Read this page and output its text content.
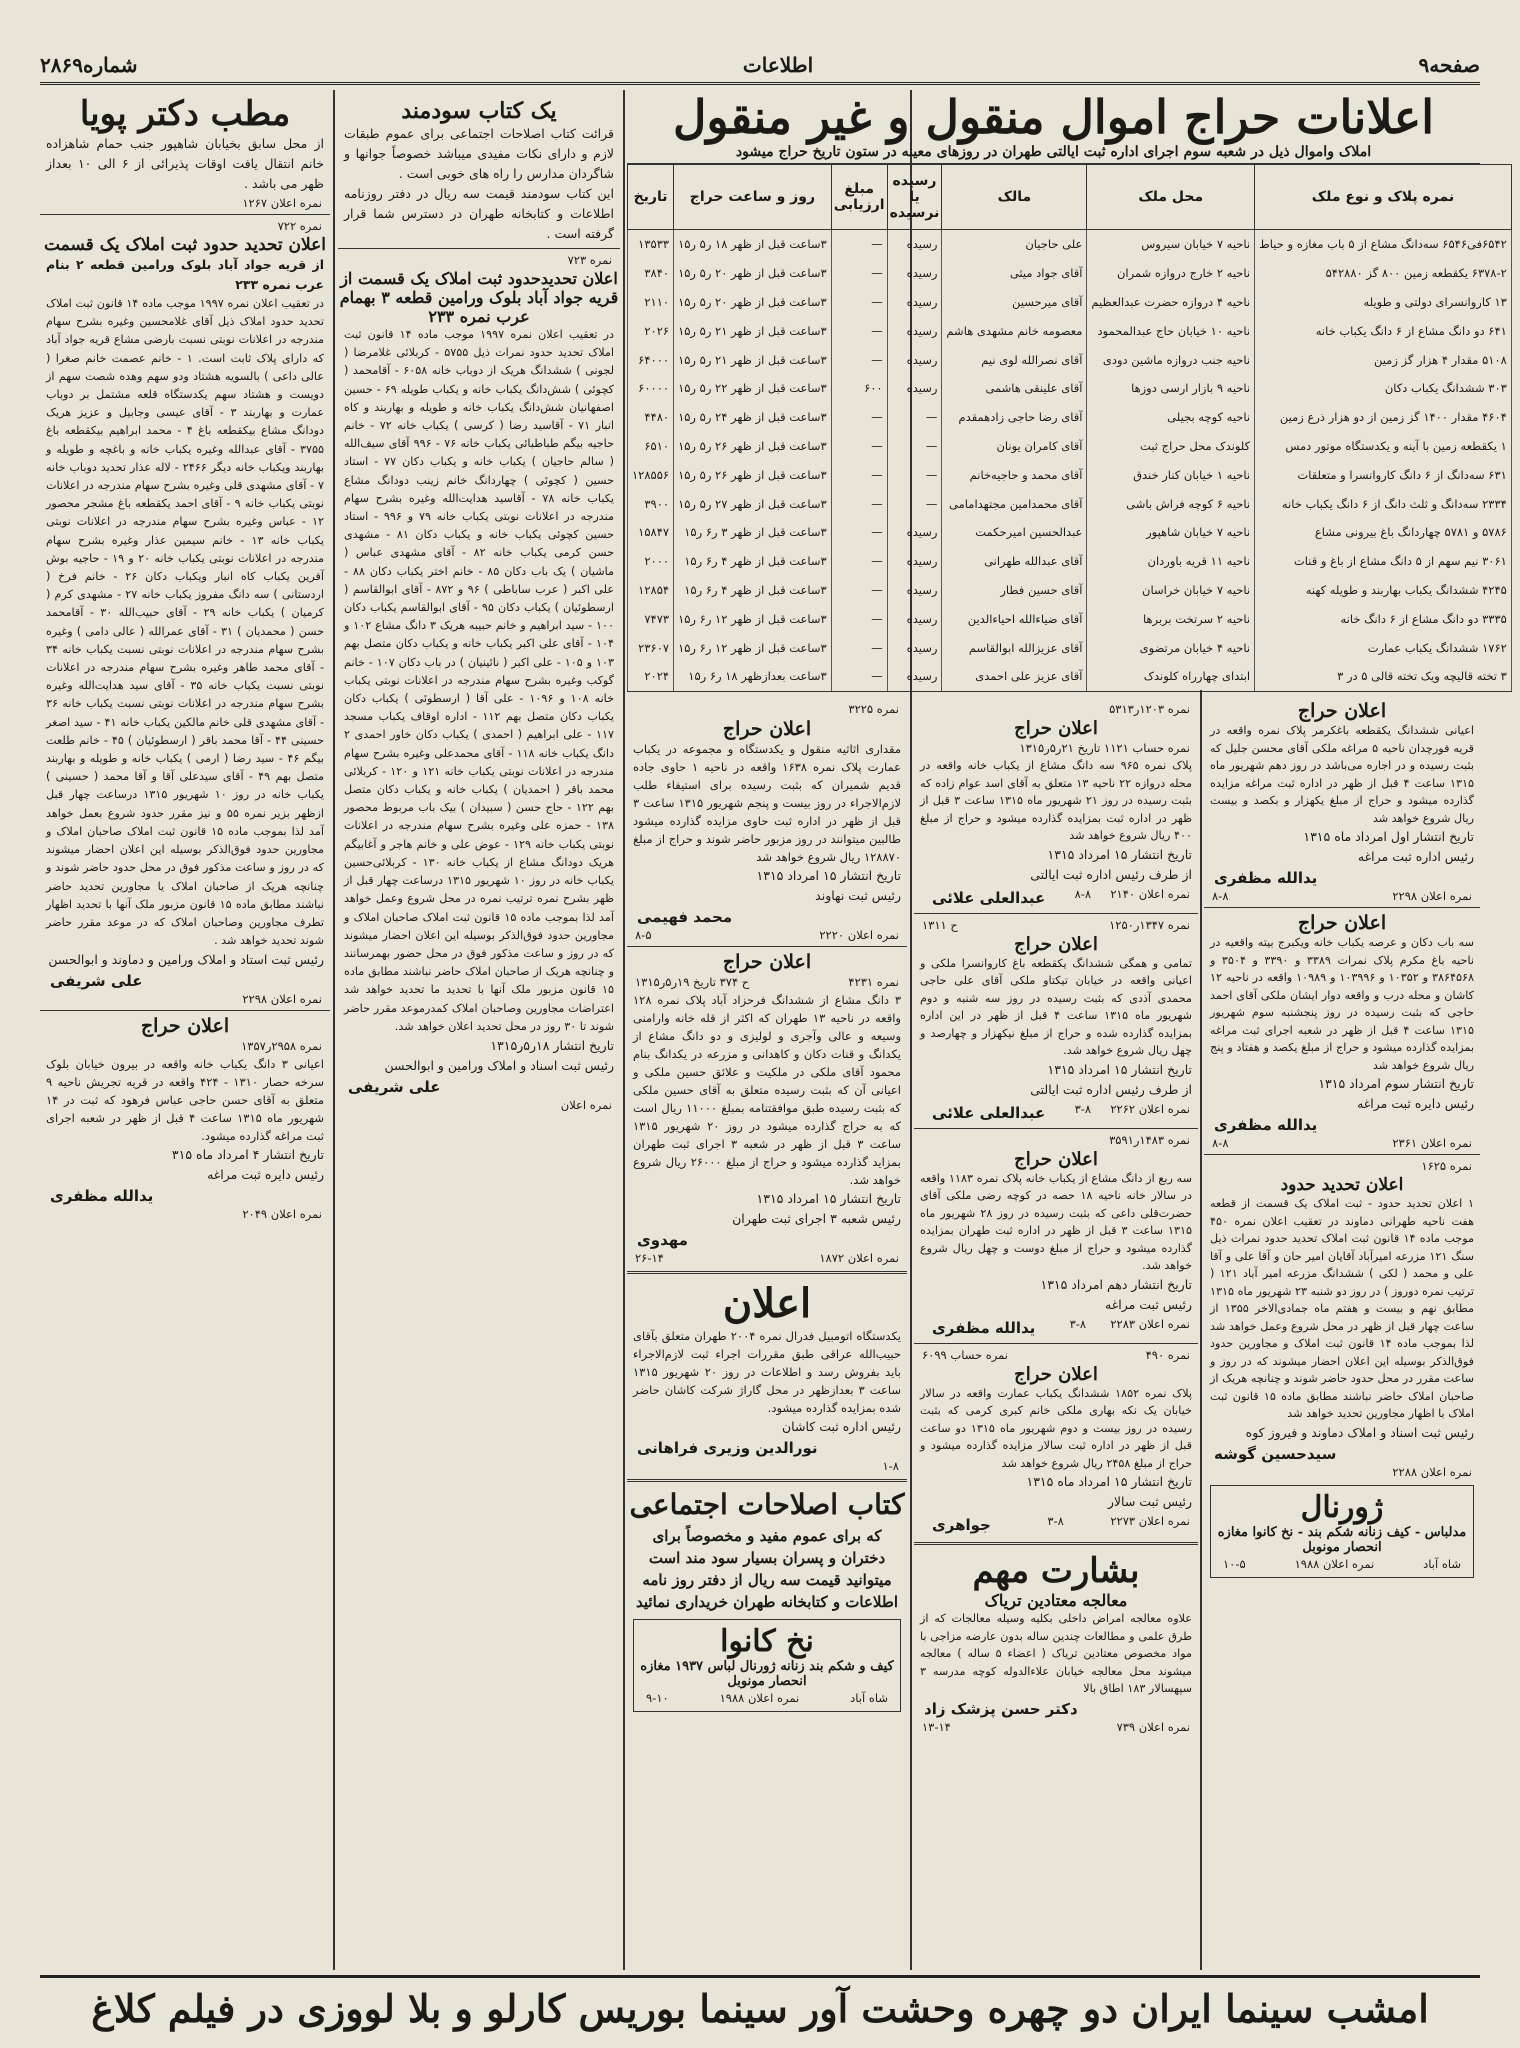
شماره۲۸۶۹	اطلاعات	صفحه۹
مطب دکتر پویا
از محل سابق بخیابان شاهپور جنب حمام شاهزاده خانم انتقال یافت اوقات پذیرائی از ۶ الی ۱۰ بعداز ظهر می باشد .
نمره اعلان ۱۲۶۷
نمره ۷۲۲
اعلان تحدید حدود ثبت املاک یک قسمت
از قریه جواد آباد بلوک ورامین قطعه ۲ بنام عرب نمره ۲۳۳
در تعقیب اعلان نمره ۱۹۹۷ موجب ماده ۱۴ قانون ثبت املاک تحدید حدود املاک ذیل آقای غلامحسین وغیره بشرح سهام مندرجه در اعلانات نوبتی نسبت بارضی مشاع قریه جواد آباد که دارای پلاک ثابت است. ۱ - خانم عصمت خانم صغرا ( عالی داعی ) بالسویه هشتاد ودو سهم وهده شصت سهم از دویست و هشتاد سهم یکدستگاه قلعه مشتمل بر دوباب عمارت و بهاربند ۳ - آقای عیسی وجابیل و عزیز هریک دودانگ مشاع بیکقطعه باغ ۴ - محمد ابراهیم بیکقطعه باغ ۳۷۵۵ - آقای عبدالله وغیره یکباب خانه و باغچه و طویله و بهاربند ویکباب خانه دیگر ۲۴۶۶ - لاله عذار تحدید دوباب خانه ۷ - آقای مشهدی قلی وغیره بشرح سهام مندرجه در اعلانات نوبتی یکباب خانه ۹ - آقای احمد یکقطعه باغ مشجر محصور ۱۲ - عباس وغیره بشرح سهام مندرجه در اعلانات نوبتی یکباب خانه ۱۳ - خانم سیمین عذار وغیره بشرح سهام مندرجه در اعلانات نوبتی یکباب خانه ۲۰ و ۱۹ - حاجیه بوش آفرین یکباب کاه انبار ویکباب دکان ۲۶ - خانم فرخ ( اردستانی ) سه دانگ مفروز یکباب خانه ۲۷ - مشهدی کرم ( کرمیان ) یکباب خانه ۲۹ - آقای حبیب‌الله ۳۰ - آقامحمد حسن ( محمدیان ) ۳۱ - آقای عمرالله ( عالی دامی ) وغیره بشرح سهام مندرجه در اعلانات نوبتی نسبت یکباب خانه ۳۴ - آقای محمد طاهر وغیره بشرح سهام مندرجه در اعلانات نوبتی نسبت یکباب خانه ۳۵ - آقای سید هدایت‌الله وغیره بشرح سهام مندرجه در اعلانات نوبتی نسبت یکباب خانه ۳۶ - آقای مشهدی قلی خانم مالکین یکباب خانه ۴۱ - سید اصغر حسینی ۴۴ - آقا محمد باقر ( ارسطوئیان ) ۴۵ - خانم طلعت بیگم ۴۶ - سید رضا ( ارمی ) یکباب خانه و طویله و بهاربند متصل بهم ۴۹ - آقای سیدعلی آقا و آقا محمد ( حسینی ) یکباب خانه در روز ۱۰ شهریور ۱۳۱۵ درساعت چهار قبل ازظهر بزیر نمره ۵۵ و نیز مقرر حدود شروع بعمل خواهد آمد لذا بموجب ماده ۱۵ قانون ثبت املاک صاحبان املاک و مجاورین حدود فوق‌الذکر بوسیله این اعلان احضار میشوند که در روز و ساعت مذکور فوق در محل حدود حاضر شوند و چنانچه هریک از صاحبان املاک یا مجاورین تحدید حاضر نباشند مطابق ماده ۱۵ قانون مزبور ملک آنها با تحدید اظهار تطرف مجاورین وصاحبان املاک که در موعد مقرر حاضر شوند تحدید خواهد شد .
رئیس ثبت استاد و املاک ورامین و دماوند و ابوالحسن
علی شریفی
نمره اعلان ۲۲۹۸
اعلان حراج
نمره ۲۹۵۸ر۱۳۵۷
اعیانی ۳ دانگ یکباب خانه واقعه در بیرون خیابان بلوک سرخه حصار ۱۳۱۰ - ۴۲۴ واقعه در قریه تجریش ناحیه ۹ متعلق به آقای حسن حاجی عباس فرهود که ثبت در ۱۴ شهریور ماه ۱۳۱۵ ساعت ۴ قبل از ظهر در شعبه اجرای ثبت مراغه گذارده میشود.
تاریخ انتشار ۴ امرداد ماه ۳۱۵
رئیس دایره ثبت مراغه
ید‌الله مظفری
نمره اعلان ۲۰۴۹
یک کتاب سودمند
قرائت کتاب اصلاحات اجتماعی برای عموم طبقات لازم و دارای نکات مفیدی میباشد خصوصاً جوانها و شاگردان مدارس را راه های خوبی است .
این کتاب سودمند قیمت سه ریال در دفتر روزنامه اطلاعات و کتابخانه طهران در دسترس شما قرار گرفته است .
نمره ۷۲۳
اعلان تحدیدحدود ثبت املاک یک قسمت از قریه جواد آباد بلوک ورامین قطعه ۳ بهمام عرب نمره ۲۳۳
در تعقیب اعلان نمره ۱۹۹۷ موجب ماده ۱۴ قانون ثبت املاک تحدید حدود نمرات ذیل ۵۷۵۵ - کربلائی غلامرضا ( لجونی ) ششدانگ هریک از دوباب خانه ۶۰۵۸ - آقامحمد ( کچوئی ) شش‌دانگ یکباب خانه و یکباب طویله ۶۹ - حسین اصفهانیان شش‌دانگ یکباب خانه و طویله و بهاربند و کاه انبار ۷۱ - آقاسید رضا ( کرسی ) یکباب خانه ۷۲ - خانم حاجیه بیگم طباطبائی یکباب خانه ۷۶ - ۹۹۶ آقای سیف‌الله ( سالم حاجیان ) یکباب خانه و یکباب دکان ۷۷ - استاد حسین ( کچوئی ) چهاردانگ خانم زینب دودانگ مشاع یکباب خانه ۷۸ - آقاسید هدایت‌الله وغیره بشرح سهام مندرجه در اعلانات نوبتی یکباب خانه ۷۹ و ۹۹۶ - استاد حسین کچوئی یکباب خانه و یکباب دکان ۸۱ - مشهدی حسن کرمی یکباب خانه ۸۲ - آقای مشهدی عباس ( ماشیان ) یک باب دکان ۸۵ - خانم اختر یکباب دکان ۸۸ - علی اکبر ( عرب ساباطی ) ۹۶ و ۸۷۲ - آقای ابوالقاسم ( ارسطوئیان ) یکباب دکان ۹۵ - آقای ابوالقاسم یکباب دکان ۱۰۰ - سید ابراهیم و خانم حبیبه هریک ۳ دانگ مشاع ۱۰۲ و ۱۰۴ - آقای علی اکبر یکباب خانه و یکباب دکان متصل بهم ۱۰۳ و ۱۰۵ - علی اکبر ( نائینیان ) در باب دکان ۱۰۷ - خانم گوکب وغیره بشرح سهام مندرجه در اعلانات نوبتی یکباب خانه ۱۰۸ و ۱۰۹۶ - علی آقا ( ارسطوئی ) یکباب دکان یکباب دکان متصل بهم ۱۱۲ - اداره اوقاف یکباب مسجد ۱۱۷ - علی ابراهیم ( احمدی ) یکباب دکان خاور احمدی ۲ دانگ یکباب خانه ۱۱۸ - آقای محمدعلی وغیره بشرح سهام مندرجه در اعلانات نوبتی یکباب خانه ۱۲۱ و ۱۲۰ - کربلائی محمد باقر ( احمدیان ) یکباب خانه و یکباب دکان متصل بهم ۱۲۲ - حاج حسن ( سبیدان ) بیک باب مربوط محصور ۱۳۸ - حمزه علی وغیره بشرح سهام مندرجه در اعلانات نوبتی یکباب خانه ۱۲۹ - عوض علی و خانم هاجر و آغابیگم هریک دودانگ مشاع از یکباب خانه ۱۳۰ - کربلائی‌حسین یکباب خانه در روز ۱۰ شهریور ۱۳۱۵ درساعت چهار قبل از ظهر بشرح نمره ترتیب نمره در محل شروع وعمل خواهد آمد لذا بموجب ماده ۱۵ قانون ثبت املاک صاحبان املاک و مجاورین حدود فوق‌الذکر بوسیله این اعلان احضار میشوند که در روز و ساعت مذکور فوق در محل حضور بهمرسانند و چنانچه هریک از صاحبان املاک حاضر نباشند مطابق ماده ۱۵ قانون مزبور ملک آنها با تحدید ما تحدید خواهد شد اعتراضات مجاورین وصاحبان املاک کمدرموعد مقرر حاضر شوند تا ۳۰ روز در محل تحدید اعلان خواهد شد.
تاریخ انتشار ۱۸ر۵ر۱۳۱۵
رئیس ثبت اسناد و املاک ورامین و ابوالحسن
علی شریفی
نمره اعلان
اعلانات حراج اموال منقول و غیر منقول
املاک واموال ذیل در شعبه سوم اجرای اداره ثبت ایالتی طهران در روزهای معینه در ستون تاریخ حراج میشود
نمره پلاک و نوع ملک	محل ملک	مالک	رسیده یا نرسیده	مبلغ ارزیابی	روز و ساعت حراج	تاریخ
۶۵۴۲فی۶۵۴۶ سه‌دانگ مشاع از ۵ باب مغازه و حیاط	ناحیه ۷ خیابان سیروس	علی حاجیان	رسیده	—	۳ساعت قبل از ظهر ۱۸ ر۵ ر۱۵	۱۳۵۳۳
۶۳۷۸-۲ یکقطعه زمین ۸۰۰ گز ۵۴۲۸۸۰	ناحیه ۲ خارج دروازه شمران	آقای جواد میثی	رسیده	—	۳ساعت قبل از ظهر ۲۰ ر۵ ر۱۵	۳۸۴۰
۱۳ کاروانسرای دولتی و طویله	ناحیه ۴ دروازه حضرت عبدالعظیم	آقای میرحسین	رسیده	—	۳ساعت قبل از ظهر ۲۰ ر۵ ر۱۵	۲۱۱۰
۶۴۱ دو دانگ مشاع از ۶ دانگ یکباب خانه	ناحیه ۱۰ خیابان حاج عبدالمحمود	معصومه خانم مشهدی هاشم	رسیده	—	۳ساعت قبل از ظهر ۲۱ ر۵ ر۱۵	۲۰۲۶
۵۱۰۸ مقدار ۴ هزار گز زمین	ناحیه جنب دروازه ماشین دودی	آقای نصرالله لوی نیم	رسیده	—	۳ساعت قبل از ظهر ۲۱ ر۵ ر۱۵	۶۴۰۰۰
۳۰۳ ششدانگ یکباب دکان	ناحیه ۹ بازار ارسی دوزها	آقای علینقی هاشمی	رسیده	۶۰۰	۳ساعت قبل از ظهر ۲۲ ر۵ ر۱۵	۶۰۰۰۰
۴۶۰۴ مقدار ۱۴۰۰ گز زمین از دو هزار ذرع زمین	ناحیه کوچه بجیلی	آقای رضا حاجی زادهمقدم	—	—	۳ساعت قبل از ظهر ۲۴ ر۵ ر۱۵	۴۴۸۰
۱ یکقطعه زمین با آینه و یکدستگاه موتور دمس	کلوندک محل حراج ثبت	آقای کامران یونان	—	—	۳ساعت قبل از ظهر ۲۶ ر۵ ر۱۵	۶۵۱۰
۶۳۱ سه‌دانگ از ۶ دانگ کاروانسرا و متعلقات	ناحیه ۱ خیابان کنار خندق	آقای محمد و حاجیه‌خانم	—	—	۳ساعت قبل از ظهر ۲۶ ر۵ ر۱۵	۱۲۸۵۵۶
۲۳۳۴ سه‌دانگ و ثلث دانگ از ۶ دانگ یکباب خانه	ناحیه ۶ کوچه فراش باشی	آقای محمدامین مجتهدامامی	—	—	۳ساعت قبل از ظهر ۲۷ ر۵ ر۱۵	۳۹۰۰
۵۷۸۶ و ۵۷۸۱ چهاردانگ باغ بیرونی مشاع	ناحیه ۷ خیابان شاهپور	عبدالحسین امیرحکمت	رسیده	—	۳ساعت قبل از ظهر ۳ ر۶ ر۱۵	۱۵۸۴۷
۳۰۶۱ نیم سهم از ۵ دانگ مشاع از باغ و قنات	ناحیه ۱۱ قریه باوردان	آقای عبدالله طهرانی	رسیده	—	۳ساعت قبل از ظهر ۴ ر۶ ر۱۵	۲۰۰۰
۴۲۴۵ ششدانگ یکباب بهاربند و طویله کهنه	ناحیه ۷ خیابان خراسان	آقای حسین فطار	رسیده	—	۳ساعت قبل از ظهر ۴ ر۶ ر۱۵	۱۲۸۵۴
۳۳۳۵ دو دانگ مشاع از ۶ دانگ خانه	ناحیه ۲ سرتخت بربرها	آقای ضیاءالله احیاءالدین	رسیده	—	۳ساعت قبل از ظهر ۱۲ ر۶ ر۱۵	۷۴۷۳
۱۷۶۲ ششدانگ یکباب عمارت	ناحیه ۴ خیابان مرتضوی	آقای عزیزالله ابوالقاسم	رسیده	—	۳ساعت قبل از ظهر ۱۲ ر۶ ر۱۵	۲۳۶۰۷
۳ تخته قالیچه ویک تخته قالی ۵ در ۳	ابتدای چهارراه کلوندک	آقای عزیز علی احمدی	رسیده	—	۳ساعت بعدازظهر ۱۸ ر۶ ر۱۵	۲۰۲۴
نمره ۳۲۲۵
اعلان حراج
مقداری اثاثیه منقول و یکدستگاه و مجموعه در یکباب عمارت پلاک نمره ۱۶۳۸ واقعه در ناحیه ۱ حاوی جاده قدیم شمیران که بثبت رسیده برای استیفاء طلب لازم‌الاجراء در روز بیست و پنجم شهریور ۱۳۱۵ ساعت ۳ قبل از ظهر در اداره ثبت حاوی مزایده گذارده میشود طالبین میتوانند در روز مزبور حاضر شوند و حراج از مبلغ ۱۲۸۸۷۰ ریال شروع خواهد شد
تاریخ انتشار ۱۵ امرداد ۱۳۱۵
رئیس ثبت نهاوند
محمد فهیمی
نمره اعلان ۲۲۲۰
۸-۵
اعلان حراج
نمره ۴۲۳۱
ح ۳۷۴ تاریخ ۱۹ر۵ر۱۳۱۵
۳ دانگ مشاع از ششدانگ فرحزاد آباد پلاک نمره ۱۲۸ واقعه در ناحیه ۱۳ طهران که اکثر از قله خانه وارامنی وسیعه و عالی وآجری و لولیزی و دو دانگ مشاع از یکدانگ و قنات دکان و کاهدانی و مزرعه در یکدانگ بنام محمود آقای ملکی در ملکیت و علائق حسین ملکی و اعیانی آن که بثبت رسیده متعلق به آقای حسین ملکی که بثبت رسیده طبق موافقتنامه بمبلغ ۱۱۰۰۰ ریال است که به حراج گذارده میشود در روز ۲۰ شهریور ۱۳۱۵ ساعت ۳ قبل از ظهر در شعبه ۳ اجرای ثبت طهران بمزاید گذارده میشود و حراج از مبلغ ۲۶۰۰۰ ریال شروع خواهد شد.
تاریخ انتشار ۱۵ امرداد ۱۳۱۵
رئیس شعبه ۳ اجرای ثبت طهران
مهدوی
نمره اعلان ۱۸۷۲
۲۶-۱۴
اعلان
یکدستگاه اتومبیل فدرال نمره ۲۰۰۴ طهران متعلق بآقای حبیب‌الله عراقی طبق مقررات اجراء ثبت لازم‌الاجراء باید بفروش رسد و اطلاعات در روز ۲۰ شهریور ۱۳۱۵ ساعت ۳ بعدازظهر در محل گاراژ شرکت کاشان حاضر شده بمزایده گذارده میشود.
رئیس اداره ثبت کاشان
نورالدین وزیری فراهانی
۱-۸
کتاب اصلاحات اجتماعی
که برای عموم مفید و مخصوصاً برای دختران و پسران بسیار سود مند است میتوانید قیمت سه ریال از دفتر روز نامه اطلاعات و کتابخانه طهران خریداری نمائید
نخ کانوا
کیف و شکم بند زنانه ژورنال لباس ۱۹۳۷ مغازه انحصار مونوبل
شاه آباد
نمره اعلان ۱۹۸۸
۹-۱۰
نمره ۱۲۰۳ر۵۳۱۳
اعلان حراج
نمره حساب ۱۱۲۱ تاریخ ۲۱ر۵ر۱۳۱۵
پلاک نمره ۹۶۵ سه دانگ مشاع از یکباب خانه واقعه در محله دروازه ۲۲ ناحیه ۱۳ متعلق به آقای اسد عوام زاده که بثبت رسیده در روز ۲۱ شهریور ماه ۱۳۱۵ ساعت ۳ قبل از ظهر در اداره ثبت بمزایده گذارده میشود و حراج از مبلغ ۴۰۰ ریال شروع خواهد شد
تاریخ انتشار ۱۵ امرداد ۱۳۱۵
از طرف رئیس اداره ثبت ایالتی
نمره اعلان ۲۱۴۰
۸-۸
عبدالعلی علائی
نمره ۱۳۴۷ر۱۲۵۰
ح ۱۳۱۱
اعلان حراج
تمامی و همگی ششدانگ یکقطعه باغ کاروانسرا ملکی و اعیانی واقعه در خیابان تیکتاو ملکی آقای علی حاجی محمدی آذدی که بثبت رسیده در روز سه شنبه و دوم شهریور ماه ۱۳۱۵ ساعت ۴ قبل از ظهر در این اداره بمزایده گذارده شده و حراج از مبلغ نیکهزار و چهارصد و چهل ریال شروع خواهد شد.
تاریخ انتشار ۱۵ امرداد ۱۳۱۵
از طرف رئیس اداره ثبت ایالتی
نمره اعلان ۲۲۶۲
۳-۸
عبدالعلی علائی
نمره ۱۴۸۳ر۳۵۹۱
اعلان حراج
سه ربع از دانگ مشاع از یکباب خانه پلاک نمره ۱۱۸۳ واقعه در سالار خانه ناحیه ۱۸ حصه در کوچه رضی ملکی آقای حضرت‌قلی داعی که بثبت رسیده در روز ۲۸ شهریور ماه ۱۳۱۵ ساعت ۳ قبل از ظهر در اداره ثبت طهران بمزایده گذارده میشود و حراج از مبلغ دوست و چهل ریال شروع خواهد شد.
تاریخ انتشار دهم امرداد ۱۳۱۵
رئیس ثبت مراغه
نمره اعلان ۲۲۸۳
۳-۸
ید‌الله مظفری
نمره ۴۹۰
نمره حساب ۶۰۹۹
اعلان حراج
پلاک نمره ۱۸۵۲ ششدانگ یکباب عمارت واقعه در سالار خیابان یک نکه بهاری ملکی خانم کبری کرمی که بثبت رسیده در روز بیست و دوم شهریور ماه ۱۳۱۵ دو ساعت قبل از ظهر در اداره ثبت سالار مزایده گذارده میشود و حراج از مبلغ ۲۴۵۸ ریال شروع خواهد شد
تاریخ انتشار ۱۵ امرداد ماه ۱۳۱۵
رئیس ثبت سالار
نمره اعلان ۲۲۷۳
۳-۸
جواهری
بشارت مهم
معالجه معتادین تریاک
علاوه معالجه امراض داخلی بکلیه وسیله معالجات که از طرق علمی و مطالعات چندین ساله بدون عارضه مزاجی با مواد مخصوص معتادین تریاک ( اعضاء ۵ ساله ) معالجه میشوند محل معالجه خیابان علاءالدوله کوچه مدرسه ۳ سپهسالار ۱۸۳ اطاق بالا
دکتر حسن پزشک زاد
نمره اعلان ۷۳۹
۱۳-۱۴
اعلان حراج
اعیانی ششدانگ یکقطعه باغکرمر پلاک نمره واقعه در قریه فورچدان ناحیه ۵ مراغه ملکی آقای محسن جلیل که بثبت رسیده و در اجاره می‌باشد در روز دهم شهریور ماه ۱۳۱۵ ساعت ۴ قبل از ظهر در اداره ثبت مراغه مزایده گذارده میشود و حراج از مبلغ یکهزار و بکصد و بیست ریال شروع خواهد شد
تاریخ انتشار اول امرداد ماه ۱۳۱۵
رئیس اداره ثبت مراغه
ید‌الله مظفری
نمره اعلان ۲۲۹۸
۸-۸
اعلان حراج
سه باب دکان و عرصه یکباب خانه ویکبرج بیته واقعیه در ناحیه باغ مکرم پلاک نمرات ۳۳۸۹ و ۳۳۹۰ و ۳۵۰۴ و ۳۸۶۴۵۶۸ و ۱۰۳۵۲ و ۱۰۳۹۹۶ و ۱۰۹۸۹ واقعه در ناحیه ۱۲ کاشان و محله درب و واقعه دوار ایشان ملکی آقای احمد حاجی که بثبت رسیده در روز پنجشنبه سوم شهریور ۱۳۱۵ ساعت ۴ قبل از ظهر در شعبه اجرای ثبت مراغه بمزایده گذارده میشود و حراج از مبلغ یکصد و هفتاد و پنج ریال شروع خواهد شد
تاریخ انتشار سوم امرداد ۱۳۱۵
رئیس دایره ثبت مراغه
ید‌الله مظفری
نمره اعلان ۲۳۶۱
۸-۸
نمره ۱۶۲۵
اعلان تحدید حدود
۱ اعلان تحدید حدود - ثبت املاک یک قسمت از قطعه هفت ناحیه طهرانی دماوند در تعقیب اعلان نمره ۴۵۰ موجب ماده ۱۴ قانون ثبت املاک تحدید حدود نمرات ذیل سنگ ۱۲۱ مزرعه امیرآباد آقایان امیر حان و آقا علی و آقا علی و محمد ( لکی ) ششدانگ مزرعه امیر آباد ۱۲۱ ( ترتیب نمره دوروز ) در روز دو شنبه ۲۳ شهریور ماه ۱۳۱۵ مطابق نهم و بیست و هفتم ماه جمادی‌الاخر ۱۳۵۵ از ساعت چهار قبل از ظهر در محل شروع وعمل خواهد شد لذا بموجب ماده ۱۴ قانون ثبت املاک و مجاورین حدود فوق‌الذکر بوسیله این اعلان احضار میشوند که در روز و ساعت مقرر در محل حدود حاضر شوند و چنانچه هریک از صاحبان املاک حاضر نباشند مطابق ماده ۱۵ قانون ثبت املاک با اظهار مجاورین تحدید خواهد شد
رئیس ثبت اسناد و املاک دماوند و فیروز کوه
سیدحسین گوشه
نمره اعلان ۲۲۸۸
ژورنال
مدلباس - کیف زنانه شکم بند - نخ کانوا مغازه انحصار مونوبل
شاه آباد
نمره اعلان ۱۹۸۸
۱۰-۵
امشب سینما ایران دو چهره وحشت آور سینما بوریس کارلو و بلا لووزی در فیلم کلاغ
